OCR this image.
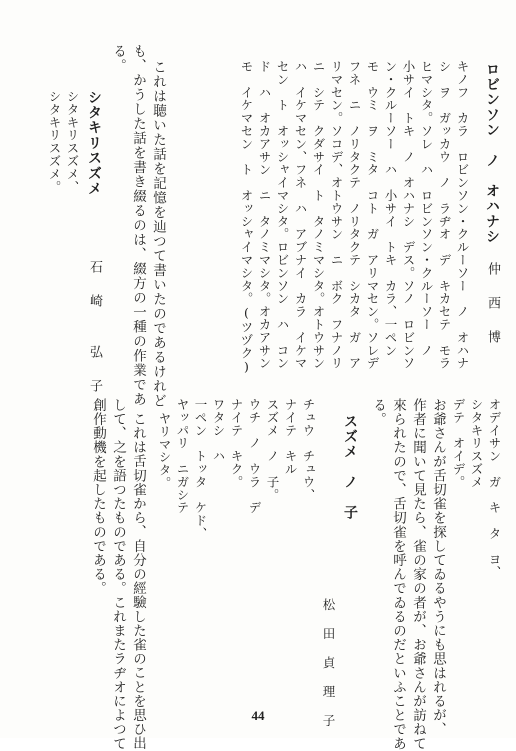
ロビンソン　ノ　オハナシ
仲　西　博
キノフ　カラ　ロビンソン・クルーソー　ノ　オハナ
シ　ヲ　ガッカウ　ノ　ラヂオ　デ　キカセテ　モラ
ヒマシタ。ソレ　ハ　ロビンソン・クルーソー　ノ
小サイ　トキ　ノ　オハナシ　デス。ソノ　ロビンソ
ン・クルーソー　ハ　小サイ　トキ　カラ、一ペン
モ　ウミ　ヲ　ミタ　コト　ガ　アリマセン。ソレデ
フネ　ニ　ノリタクテ　ノリタクテ　シカタ　ガ　ア
リマセン。ソコデ、オトウサン　ニ　ボク　フナノリ
ニ　シテ　クダサイ　ト　タノミマシタ。オトウサン
ハ　イケマセン、フネ　ハ　アブナイ　カラ　イケマ
セン　ト　オッシャイマシタ。ロビンソン　ハ　コン
ド　ハ　オカアサン　ニ　タノミマシタ。オカアサン
モ　イケマセン　ト　オッシャイマシタ。(ツヅク)
これは聴いた話を記憶を辿つて書いたのであるけれど
も、かうした話を書き綴るのは、綴方の一種の作業であ
る。
シタキリスズメ
石　崎　　弘　子
シタキリスズメ、
シタキリスズメ。
オデイサン　ガ　キ　タ　ヨ、
シタキリスズメ
デテ　オイデ。
お爺さんが舌切雀を探してゐるやうにも思はれるが、
作者に聞いて見たら、雀の家の者が、お爺さんが訪ねて
來られたので、舌切雀を呼んでゐるのだといふことであ
る。
スズメ　ノ　子
松　田　貞　理　子
チュウ　チュウ、
ナイテ　キル
スズメ　ノ　子。
ウチ　ノ　ウラ　デ
ナイテ　キク。
ワタシ　ハ
一ペン　トッタ　ケド、
ヤッパリ　ニガシテ
ヤリマシタ。
これは舌切雀から、自分の經驗した雀のことを思ひ出
して、之を語つたものである。これまたラヂオによつて
創作動機を起したものである。
44
